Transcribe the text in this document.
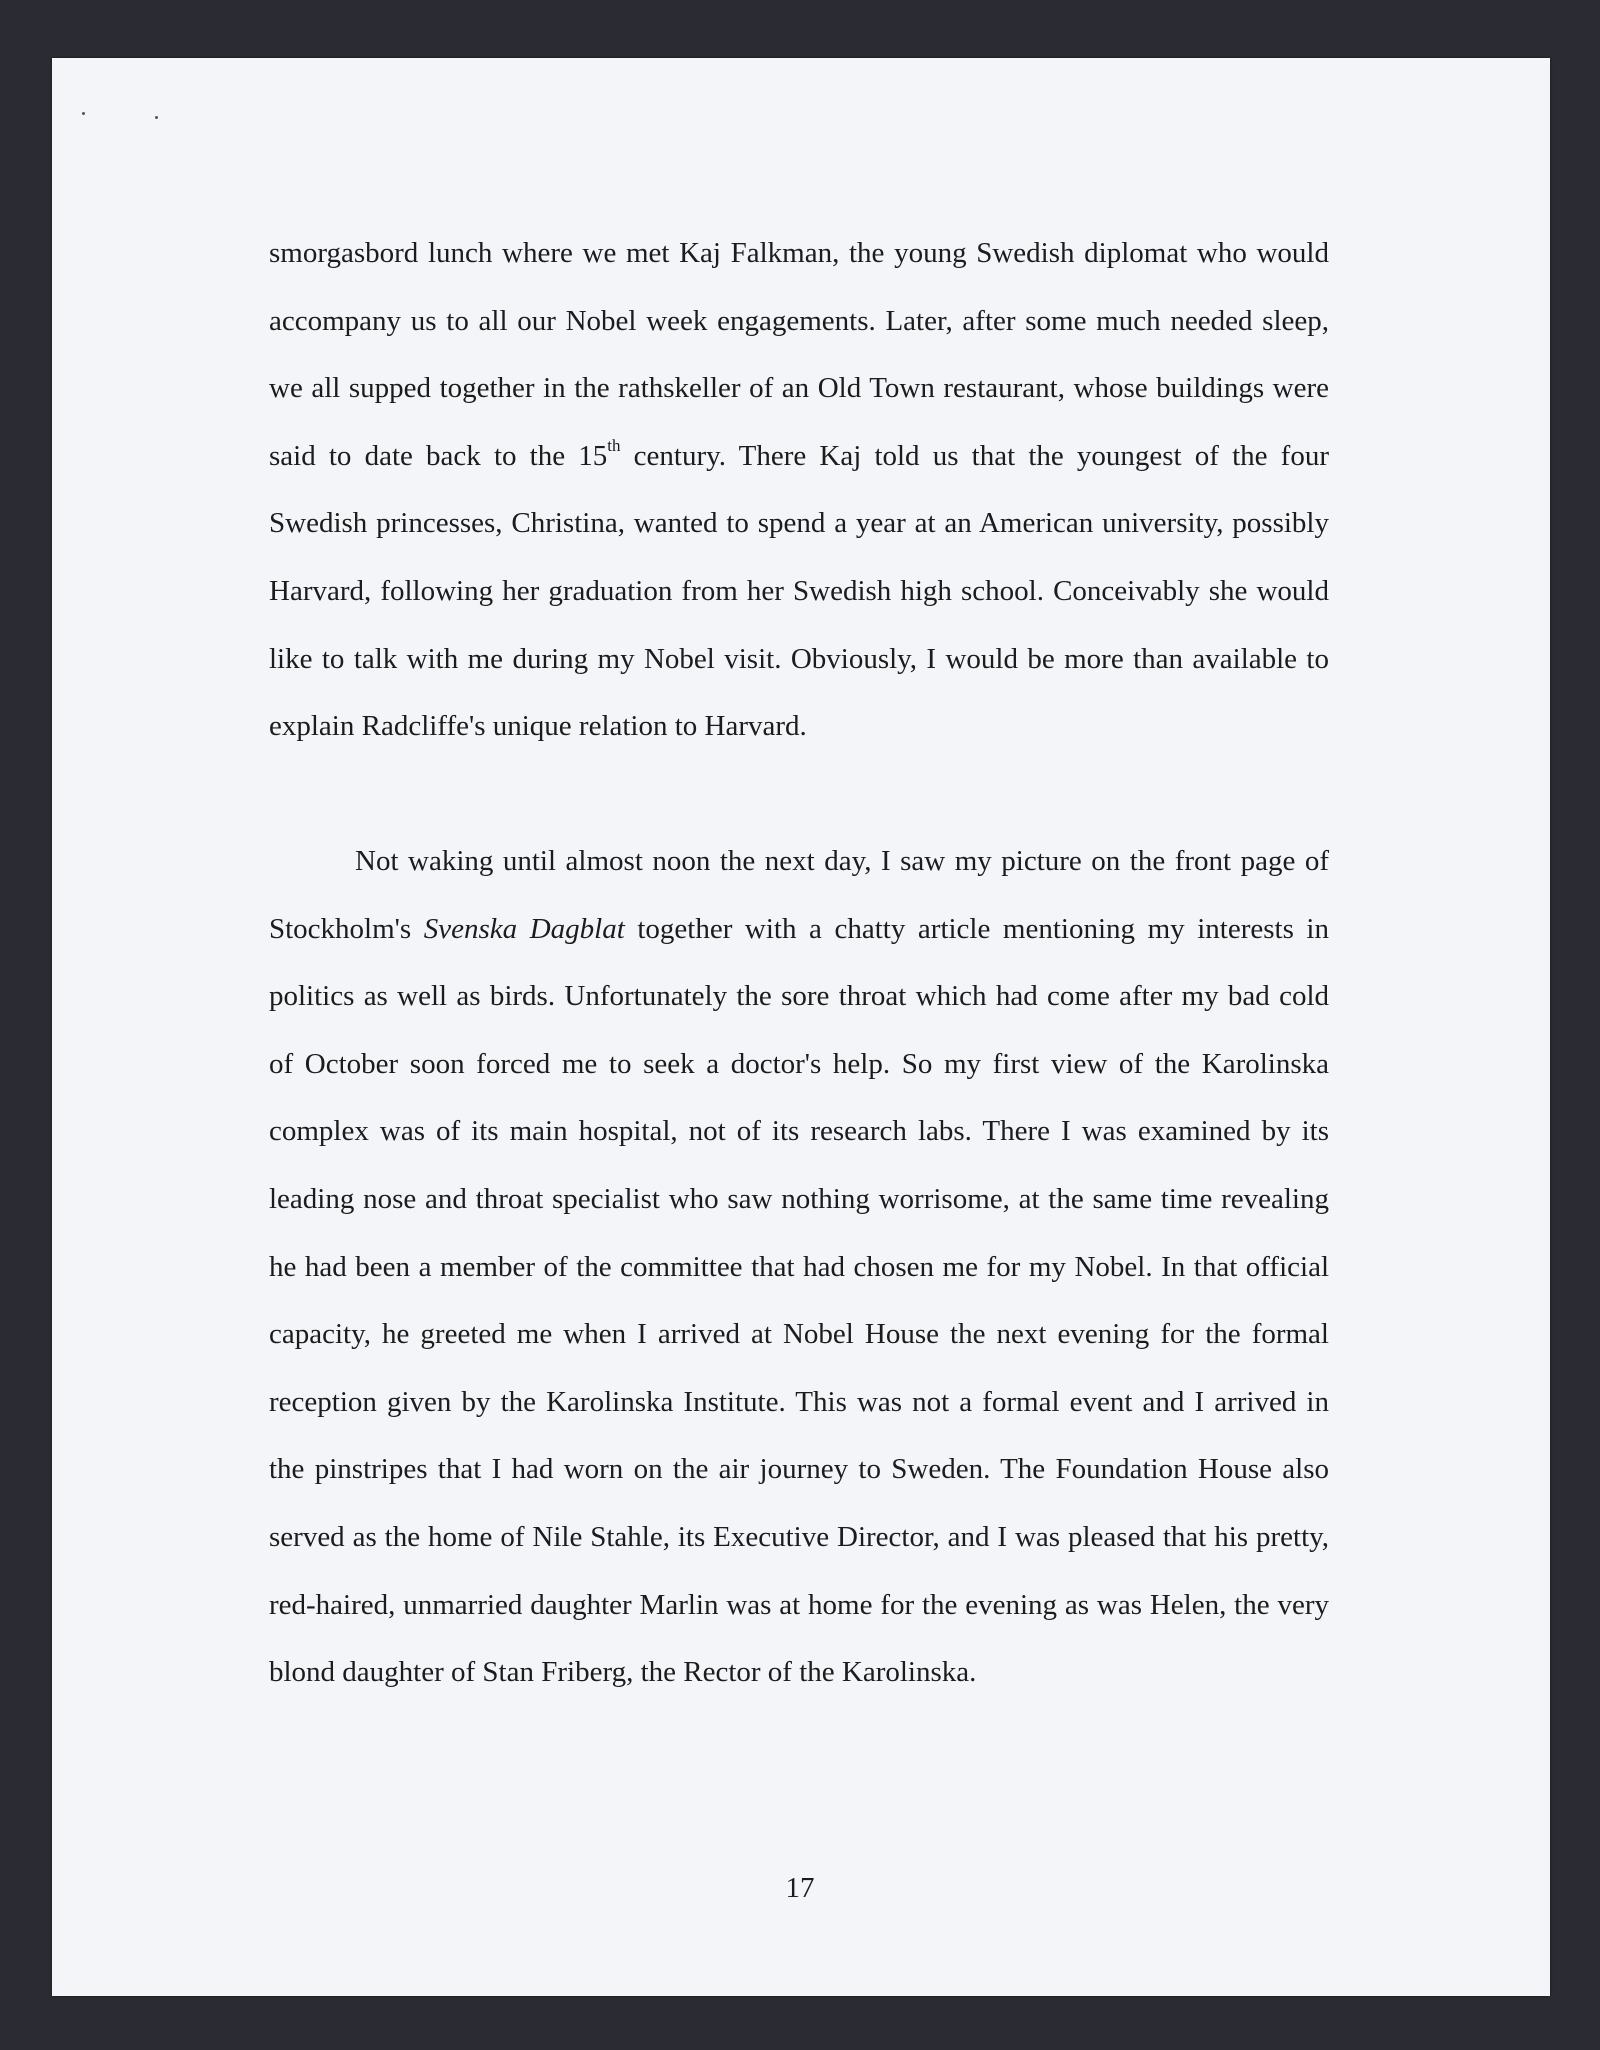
smorgasbord lunch where we met Kaj Falkman, the young Swedish diplomat who would accompany us to all our Nobel week engagements. Later, after some much needed sleep, we all supped together in the rathskeller of an Old Town restaurant, whose buildings were said to date back to the 15th century. There Kaj told us that the youngest of the four Swedish princesses, Christina, wanted to spend a year at an American university, possibly Harvard, following her graduation from her Swedish high school. Conceivably she would like to talk with me during my Nobel visit. Obviously, I would be more than available to explain Radcliffe's unique relation to Harvard.

Not waking until almost noon the next day, I saw my picture on the front page of Stockholm's Svenska Dagblat together with a chatty article mentioning my interests in politics as well as birds. Unfortunately the sore throat which had come after my bad cold of October soon forced me to seek a doctor's help. So my first view of the Karolinska complex was of its main hospital, not of its research labs. There I was examined by its leading nose and throat specialist who saw nothing worrisome, at the same time revealing he had been a member of the committee that had chosen me for my Nobel. In that official capacity, he greeted me when I arrived at Nobel House the next evening for the formal reception given by the Karolinska Institute. This was not a formal event and I arrived in the pinstripes that I had worn on the air journey to Sweden. The Foundation House also served as the home of Nile Stahle, its Executive Director, and I was pleased that his pretty, red-haired, unmarried daughter Marlin was at home for the evening as was Helen, the very blond daughter of Stan Friberg, the Rector of the Karolinska.

17
